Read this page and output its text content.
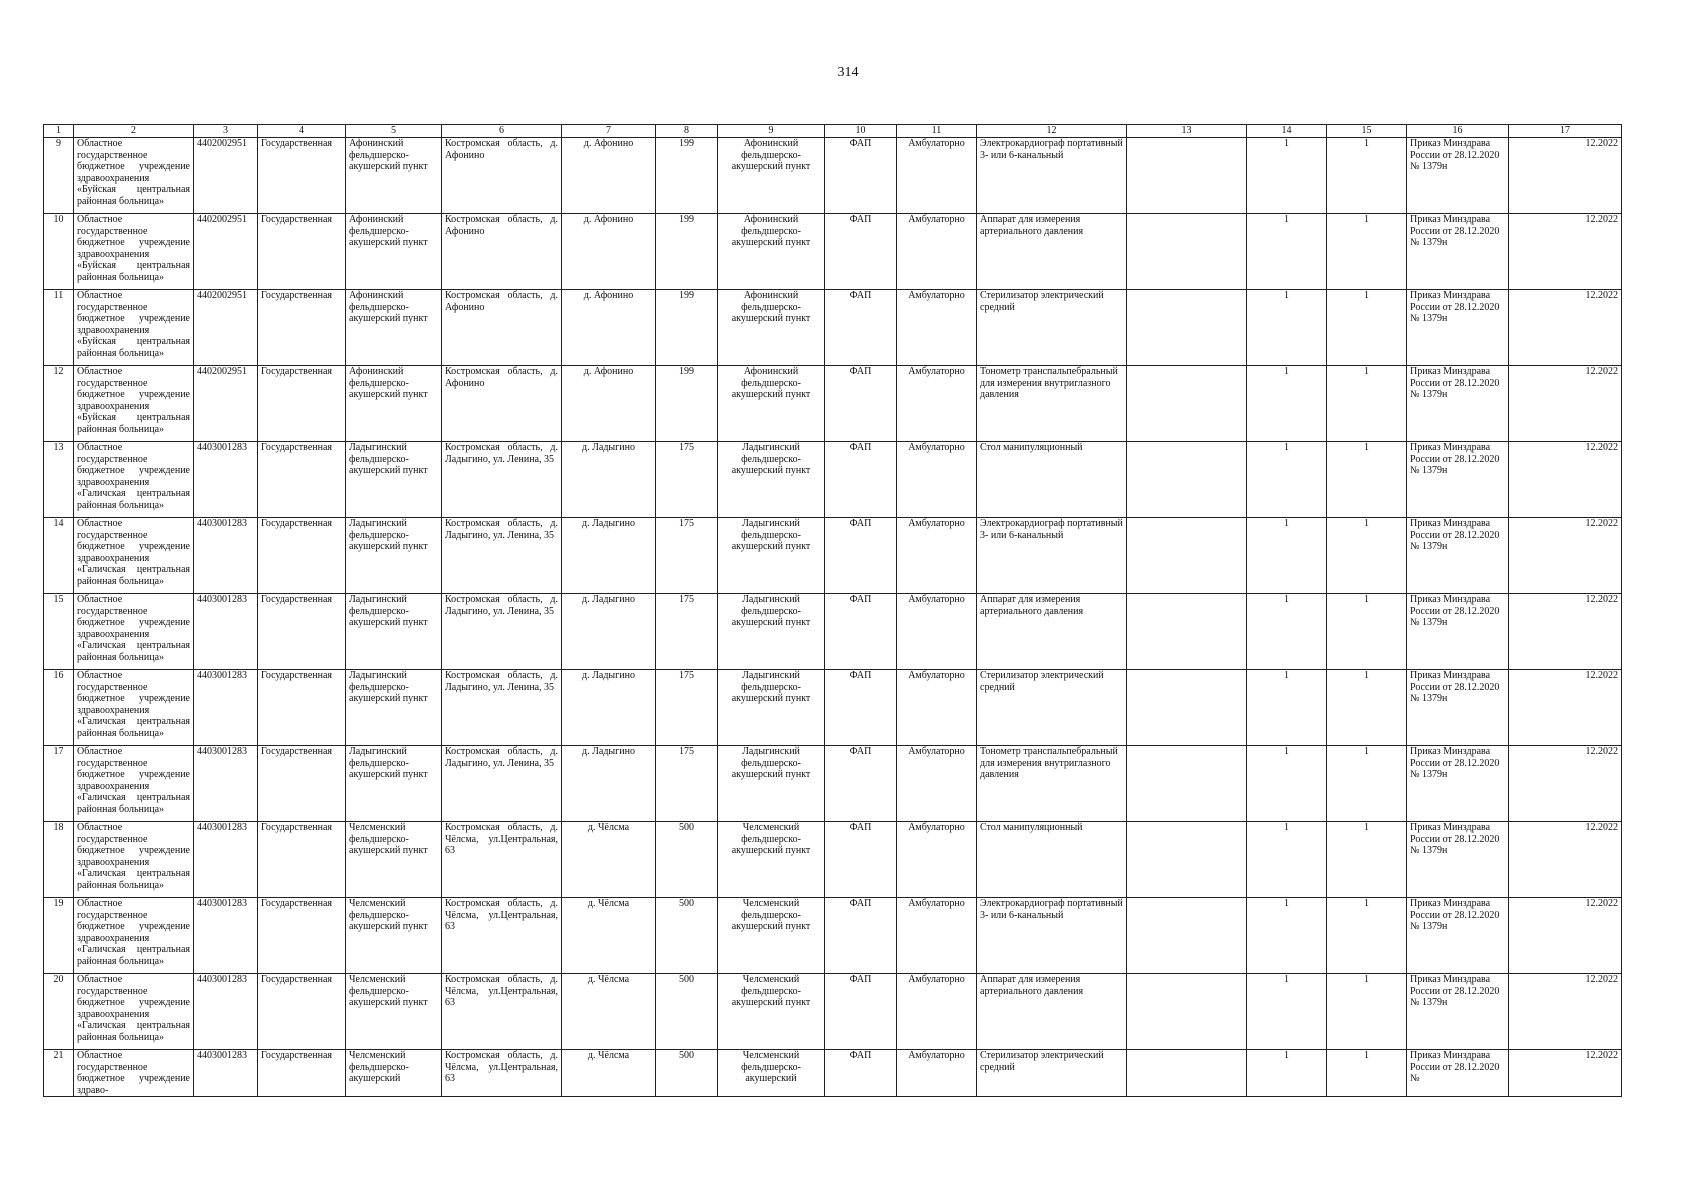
314
1	2	3	4	5	6	7	8	9	10	11	12	13	14	15	16	17
9	Областное государственное бюджетное учреждение здравоохранения «Буйская центральная районная больница»	4402002951	Государственная	Афонинский фельдшерско-акушерский пункт	Костромская область, д. Афонино	д. Афонино	199	Афонинский фельдшерско-акушерский пункт	ФАП	Амбулаторно	Электрокардиограф портативный 3- или 6-канальный		1	1	Приказ Минздрава России от 28.12.2020 № 1379н	12.2022
10	Областное государственное бюджетное учреждение здравоохранения «Буйская центральная районная больница»	4402002951	Государственная	Афонинский фельдшерско-акушерский пункт	Костромская область, д. Афонино	д. Афонино	199	Афонинский фельдшерско-акушерский пункт	ФАП	Амбулаторно	Аппарат для измерения артериального давления		1	1	Приказ Минздрава России от 28.12.2020 № 1379н	12.2022
11	Областное государственное бюджетное учреждение здравоохранения «Буйская центральная районная больница»	4402002951	Государственная	Афонинский фельдшерско-акушерский пункт	Костромская область, д. Афонино	д. Афонино	199	Афонинский фельдшерско-акушерский пункт	ФАП	Амбулаторно	Стерилизатор электрический средний		1	1	Приказ Минздрава России от 28.12.2020 № 1379н	12.2022
12	Областное государственное бюджетное учреждение здравоохранения «Буйская центральная районная больница»	4402002951	Государственная	Афонинский фельдшерско-акушерский пункт	Костромская область, д. Афонино	д. Афонино	199	Афонинский фельдшерско-акушерский пункт	ФАП	Амбулаторно	Тонометр транспальпебральный для измерения внутриглазного давления		1	1	Приказ Минздрава России от 28.12.2020 № 1379н	12.2022
13	Областное государственное бюджетное учреждение здравоохранения «Галичская центральная районная больница»	4403001283	Государственная	Ладыгинский фельдшерско-акушерский пункт	Костромская область, д. Ладыгино, ул. Ленина, 35	д. Ладыгино	175	Ладыгинский фельдшерско-акушерский пункт	ФАП	Амбулаторно	Стол манипуляционный		1	1	Приказ Минздрава России от 28.12.2020 № 1379н	12.2022
14	Областное государственное бюджетное учреждение здравоохранения «Галичская центральная районная больница»	4403001283	Государственная	Ладыгинский фельдшерско-акушерский пункт	Костромская область, д. Ладыгино, ул. Ленина, 35	д. Ладыгино	175	Ладыгинский фельдшерско-акушерский пункт	ФАП	Амбулаторно	Электрокардиограф портативный 3- или 6-канальный		1	1	Приказ Минздрава России от 28.12.2020 № 1379н	12.2022
15	Областное государственное бюджетное учреждение здравоохранения «Галичская центральная районная больница»	4403001283	Государственная	Ладыгинский фельдшерско-акушерский пункт	Костромская область, д. Ладыгино, ул. Ленина, 35	д. Ладыгино	175	Ладыгинский фельдшерско-акушерский пункт	ФАП	Амбулаторно	Аппарат для измерения артериального давления		1	1	Приказ Минздрава России от 28.12.2020 № 1379н	12.2022
16	Областное государственное бюджетное учреждение здравоохранения «Галичская центральная районная больница»	4403001283	Государственная	Ладыгинский фельдшерско-акушерский пункт	Костромская область, д. Ладыгино, ул. Ленина, 35	д. Ладыгино	175	Ладыгинский фельдшерско-акушерский пункт	ФАП	Амбулаторно	Стерилизатор электрический средний		1	1	Приказ Минздрава России от 28.12.2020 № 1379н	12.2022
17	Областное государственное бюджетное учреждение здравоохранения «Галичская центральная районная больница»	4403001283	Государственная	Ладыгинский фельдшерско-акушерский пункт	Костромская область, д. Ладыгино, ул. Ленина, 35	д. Ладыгино	175	Ладыгинский фельдшерско-акушерский пункт	ФАП	Амбулаторно	Тонометр транспальпебральный для измерения внутриглазного давления		1	1	Приказ Минздрава России от 28.12.2020 № 1379н	12.2022
18	Областное государственное бюджетное учреждение здравоохранения «Галичская центральная районная больница»	4403001283	Государственная	Челсменский фельдшерско-акушерский пункт	Костромская область, д. Чёлсма, ул.Центральная, 63	д. Чёлсма	500	Челсменский фельдшерско-акушерский пункт	ФАП	Амбулаторно	Стол манипуляционный		1	1	Приказ Минздрава России от 28.12.2020 № 1379н	12.2022
19	Областное государственное бюджетное учреждение здравоохранения «Галичская центральная районная больница»	4403001283	Государственная	Челсменский фельдшерско-акушерский пункт	Костромская область, д. Чёлсма, ул.Центральная, 63	д. Чёлсма	500	Челсменский фельдшерско-акушерский пункт	ФАП	Амбулаторно	Электрокардиограф портативный 3- или 6-канальный		1	1	Приказ Минздрава России от 28.12.2020 № 1379н	12.2022
20	Областное государственное бюджетное учреждение здравоохранения «Галичская центральная районная больница»	4403001283	Государственная	Челсменский фельдшерско-акушерский пункт	Костромская область, д. Чёлсма, ул.Центральная, 63	д. Чёлсма	500	Челсменский фельдшерско-акушерский пункт	ФАП	Амбулаторно	Аппарат для измерения артериального давления		1	1	Приказ Минздрава России от 28.12.2020 № 1379н	12.2022
21	Областное государственное бюджетное учреждение здраво-	4403001283	Государственная	Челсменский фельдшерско-акушерский	Костромская область, д. Чёлсма, ул.Центральная, 63	д. Чёлсма	500	Челсменский фельдшерско-акушерский	ФАП	Амбулаторно	Стерилизатор электрический средний		1	1	Приказ Минздрава России от 28.12.2020 №	12.2022
